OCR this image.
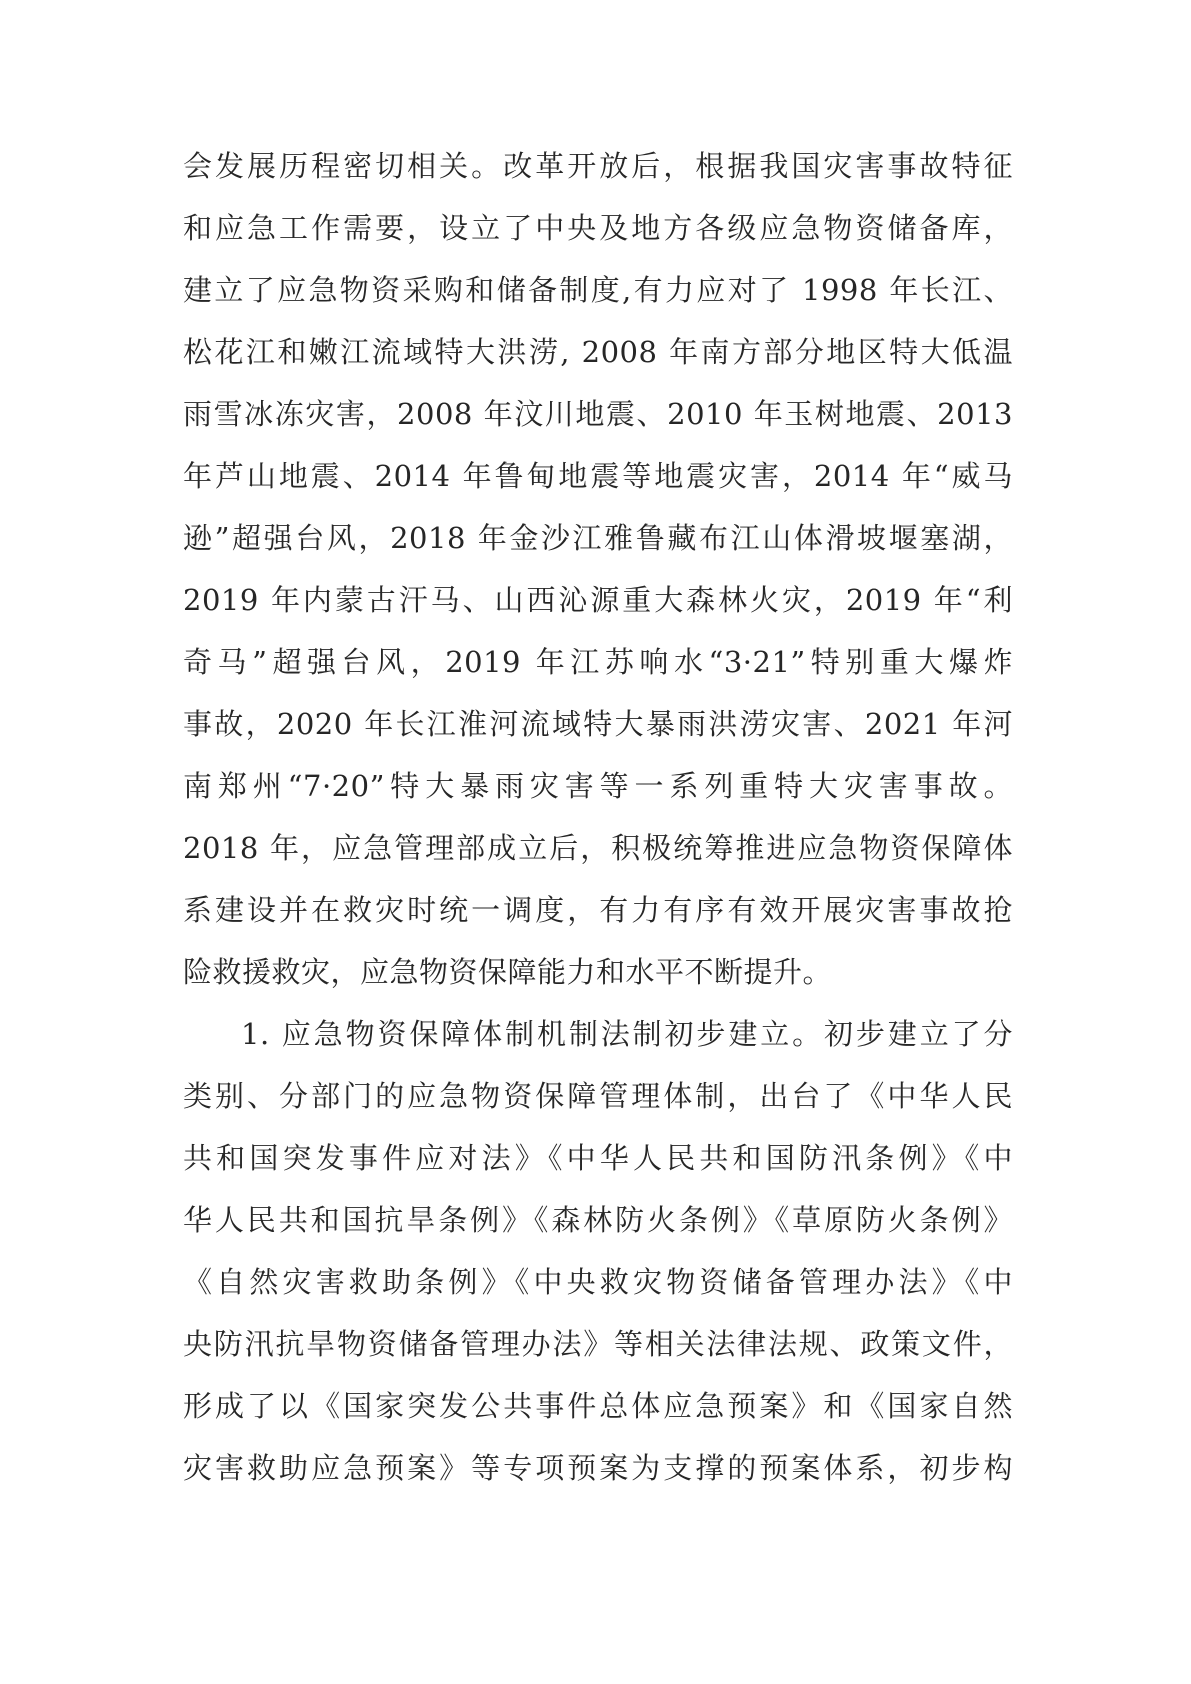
会发展历程密切相关。改革开放后，根据我国灾害事故特征
和应急工作需要，设立了中央及地方各级应急物资储备库，
建立了应急物资采购和储备制度,有力应对了 1998 年长江、
松花江和嫩江流域特大洪涝, 2008 年南方部分地区特大低温
雨雪冰冻灾害，2008 年汶川地震、2010 年玉树地震、2013
年芦山地震、2014 年鲁甸地震等地震灾害，2014 年“威马
逊”超强台风，2018 年金沙江雅鲁藏布江山体滑坡堰塞湖，
2019 年内蒙古汗马、山西沁源重大森林火灾，2019 年“利
奇马”超强台风，2019 年江苏响水“3·21”特别重大爆炸
事故，2020 年长江淮河流域特大暴雨洪涝灾害、2021 年河
南郑州“7·20”特大暴雨灾害等一系列重特大灾害事故。
2018 年，应急管理部成立后，积极统筹推进应急物资保障体
系建设并在救灾时统一调度，有力有序有效开展灾害事故抢
险救援救灾，应急物资保障能力和水平不断提升。
1. 应急物资保障体制机制法制初步建立。初步建立了分
类别、分部门的应急物资保障管理体制，出台了《中华人民
共和国突发事件应对法》《中华人民共和国防汛条例》《中
华人民共和国抗旱条例》《森林防火条例》《草原防火条例》
《自然灾害救助条例》《中央救灾物资储备管理办法》《中
央防汛抗旱物资储备管理办法》等相关法律法规、政策文件，
形成了以《国家突发公共事件总体应急预案》和《国家自然
灾害救助应急预案》等专项预案为支撑的预案体系，初步构
